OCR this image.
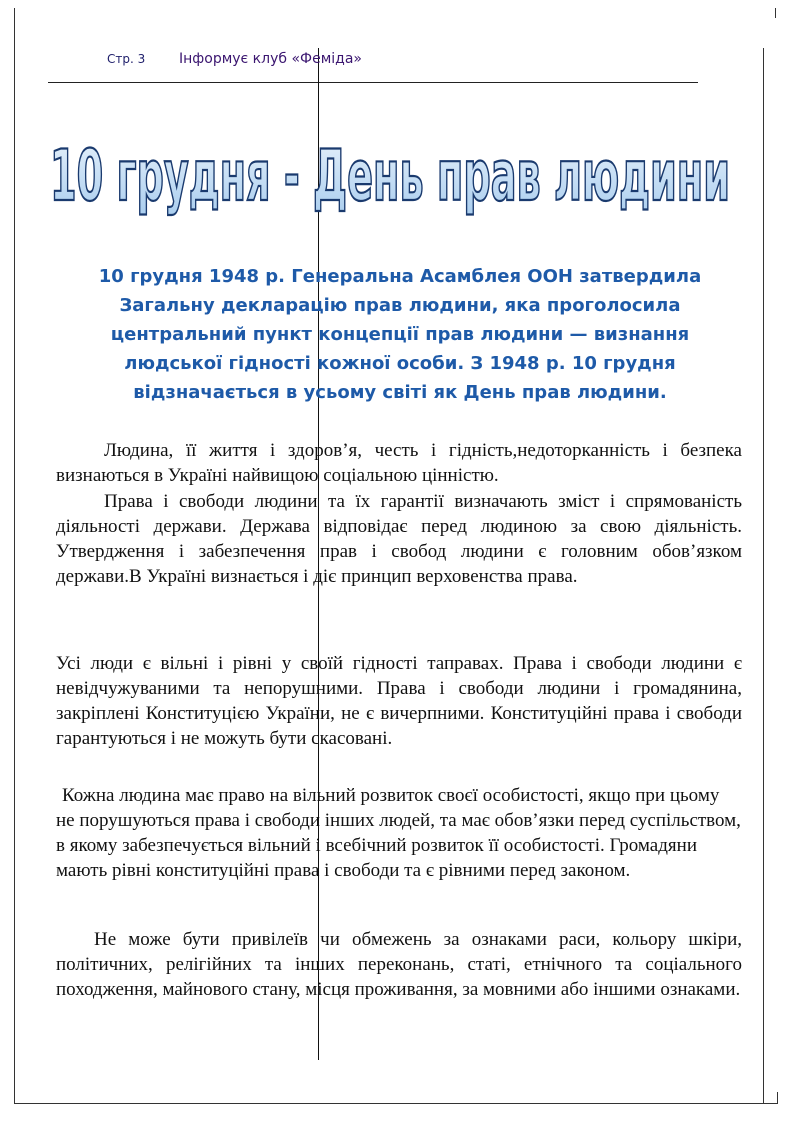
Стр. 3 Інформує клуб «Феміда»
10 грудня - День прав людини
10 грудня 1948 р. Генеральна Асамблея ООН затвердила Загальну декларацію прав людини, яка проголосила центральний пункт концепції прав людини — визнання людської гідності кожної особи. З 1948 р. 10 грудня відзначається в усьому світі як День прав людини.
Людина, її життя і здоров’я, честь і гідність,недоторканність і безпека визнаються в Україні найвищою соціальною цінністю.
Права і свободи людини та їх гарантії визначають зміст і спрямованість діяльності держави. Держава відповідає перед людиною за свою діяльність. Утвердження і забезпечення прав і свобод людини є головним обов’язком держави.В Україні визнається і діє принцип верховенства права.
Усі люди є вільні і рівні у своїй гідності таправах. Права і свободи людини є невідчужуваними та непорушними. Права і свободи людини і громадянина, закріплені Конституцією України, не є вичерпними. Конституційні права і свободи гарантуються і не можуть бути скасовані.
Кожна людина має право на вільний розвиток своєї особистості, якщо при цьому не порушуються права і свободи інших людей, та має обов’язки перед суспільством, в якому забезпечується вільний і всебічний розвиток її особистості. Громадяни мають рівні конституційні права і свободи та є рівними перед законом.
Не може бути привілеїв чи обмежень за ознаками раси, кольору шкіри, політичних, релігійних та інших переконань, статі, етнічного та соціального походження, майнового стану, місця проживання, за мовними або іншими ознаками.
